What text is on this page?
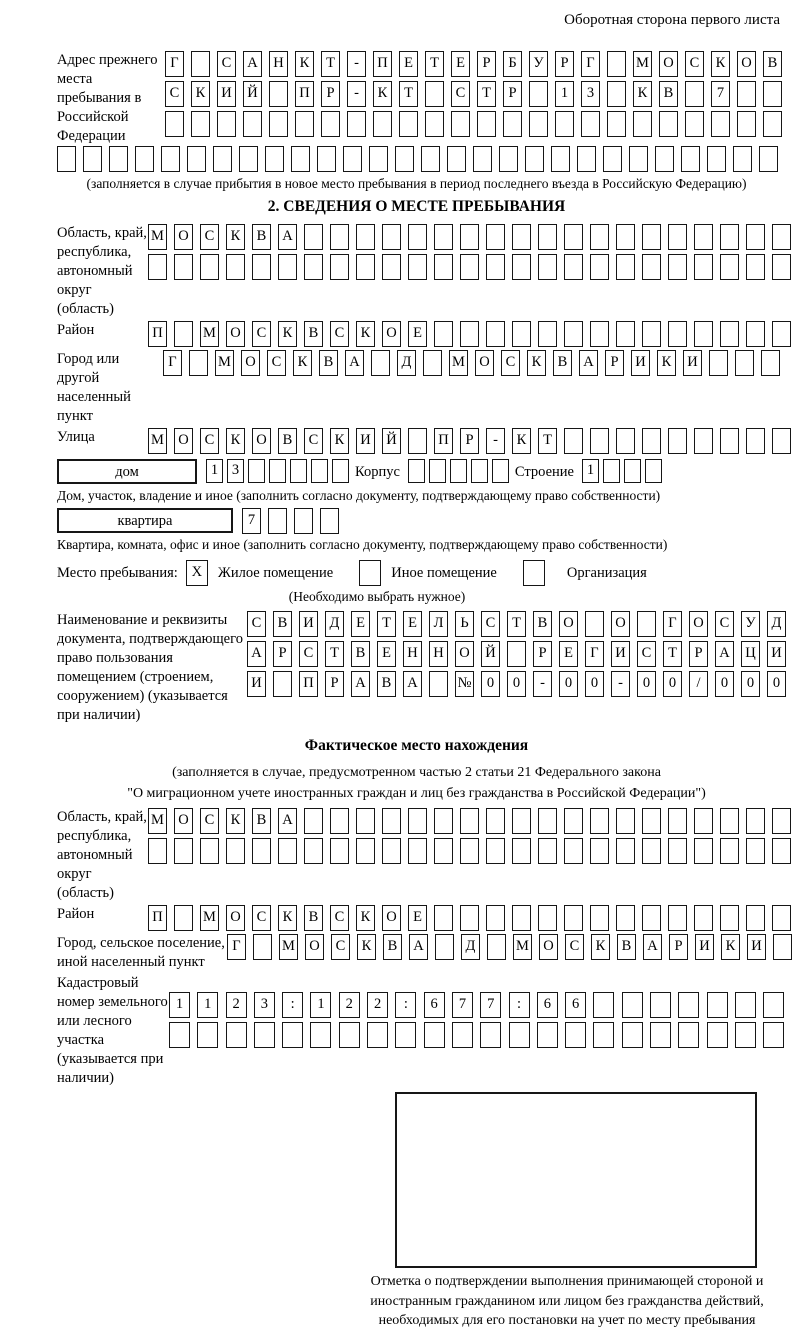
Оборотная сторона первого листа
Адрес прежнего места пребывания в Российской Федерации
Г	С А Н К Т - П Е Т Е Р Б У Р Г	М О С К О В
С К И Й	П Р - К Т	С Т Р	1 3	К В	7
(заполняется в случае прибытия в новое место пребывания в период последнего въезда в Российскую Федерацию)
2. СВЕДЕНИЯ О МЕСТЕ ПРЕБЫВАНИЯ
Область, край, республика, автономный округ (область)
М О С К В А
Район	П	М О С К В С К О Е
Город или другой населенный пункт
Г	М О С К В А	Д	М О С К В А Р И К И
Улица	М О С К О В С К И Й	П Р - К Т
дом	1 3	Корпус	Строение 1
Дом, участок, владение и иное (заполнить согласно документу, подтверждающему право собственности)
квартира	7
Квартира, комната, офис и иное (заполнить согласно документу, подтверждающему право собственности)
Место пребывания: X	Жилое помещение	Иное помещение	Организация
(Необходимо выбрать нужное)
Наименование и реквизиты документа, подтверждающего право пользования помещением (строением, сооружением) (указывается при наличии)
С В И Д Е Т Е Л Ь С Т В О	О	Г О С У Д
А Р С Т В Е Н Н О Й	Р Е Г И С Т Р А Ц И
И	П Р А В А	№ 0 0 - 0 0 - 0 0 / 0 0 0
Фактическое место нахождения
(заполняется в случае, предусмотренном частью 2 статьи 21 Федерального закона
"О миграционном учете иностранных граждан и лиц без гражданства в Российской Федерации")
Область, край, республика, автономный округ (область)
М О С К В А
Район	П	М О С К В С К О Е
Город, сельское поселение, иной населенный пункт
Г	М О С К В А	Д	М О С К В А Р И К И
Кадастровый номер земельного или лесного участка (указывается при наличии)
1 1 2 3 : 1 2 2 : 6 7 7 : 6 6
Отметка о подтверждении выполнения принимающей стороной и иностранным гражданином или лицом без гражданства действий, необходимых для его постановки на учет по месту пребывания
